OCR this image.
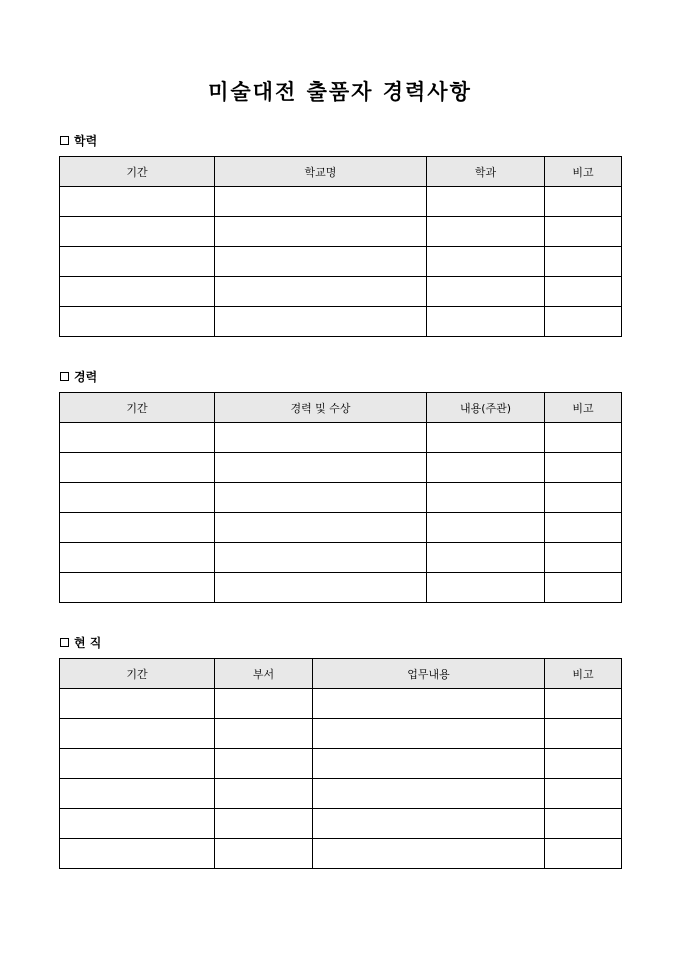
미술대전 출품자 경력사항
학력
기간	학교명	학과	비고

경력
기간	경력 및 수상	내용(주관)	비고

현 직
기간	부서	업무내용	비고
